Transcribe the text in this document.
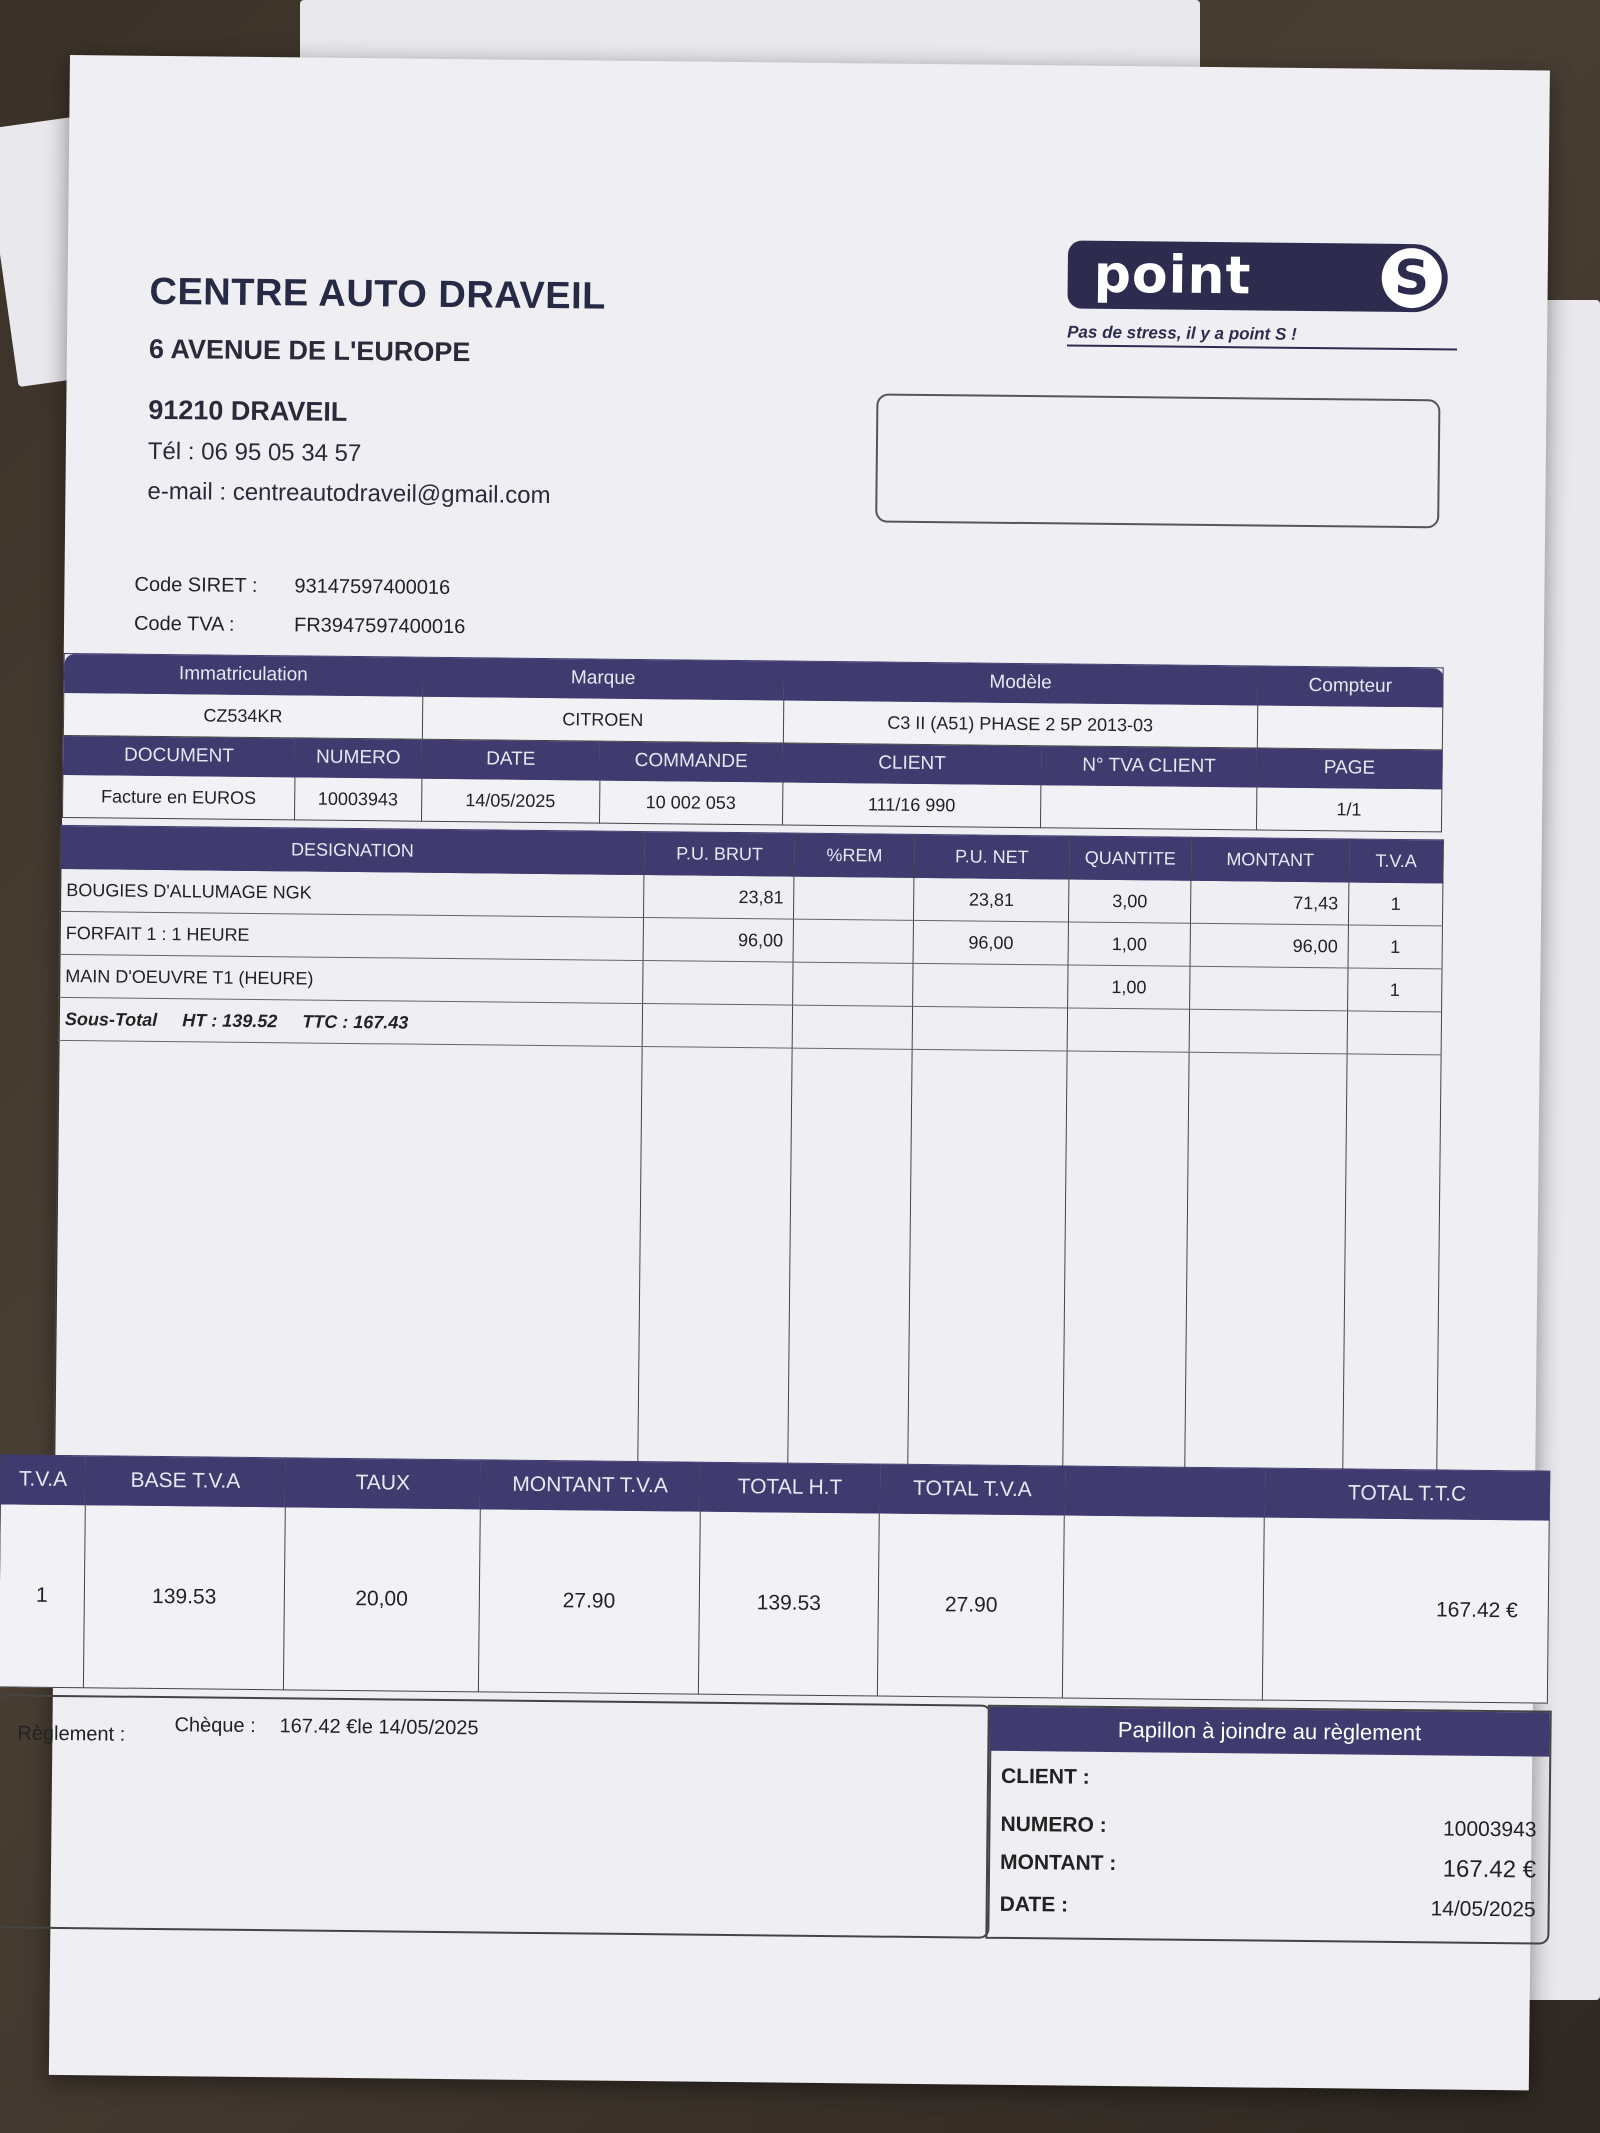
CENTRE AUTO DRAVEIL
6 AVENUE DE L'EUROPE
91210 DRAVEIL
Tél : 06 95 05 34 57
e-mail : centreautodraveil@gmail.com
point	S
Pas de stress, il y a point S !
Code SIRET :	93147597400016
Code TVA :	FR3947597400016
Immatriculation		Marque		Modèle		Compteur
CZ534KR		CITROEN		C3 II (A51) PHASE 2 5P 2013-03		
DOCUMENT	NUMERO	DATE	COMMANDE	CLIENT	N° TVA CLIENT	PAGE
Facture en EUROS	10003943	14/05/2025	10 002 053	111/16 990		1/1
DESIGNATION	P.U. BRUT	%REM	P.U. NET	QUANTITE	MONTANT	T.V.A
BOUGIES D'ALLUMAGE NGK	23,81		23,81	3,00	71,43	1
FORFAIT 1 : 1 HEURE	96,00		96,00	1,00	96,00	1
MAIN D'OEUVRE T1 (HEURE)				1,00		1
Sous-Total HT : 139.52 TTC : 167.43						

T.V.A	BASE T.V.A	TAUX	MONTANT T.V.A	TOTAL H.T	TOTAL T.V.A		TOTAL T.T.C
1	139.53	20,00	27.90	139.53	27.90		167.42 €
Règlement : Chèque : 167.42 €le 14/05/2025	Papillon à joindre au règlement
CLIENT :
NUMERO :	10003943
MONTANT :	167.42 €
DATE :	14/05/2025
